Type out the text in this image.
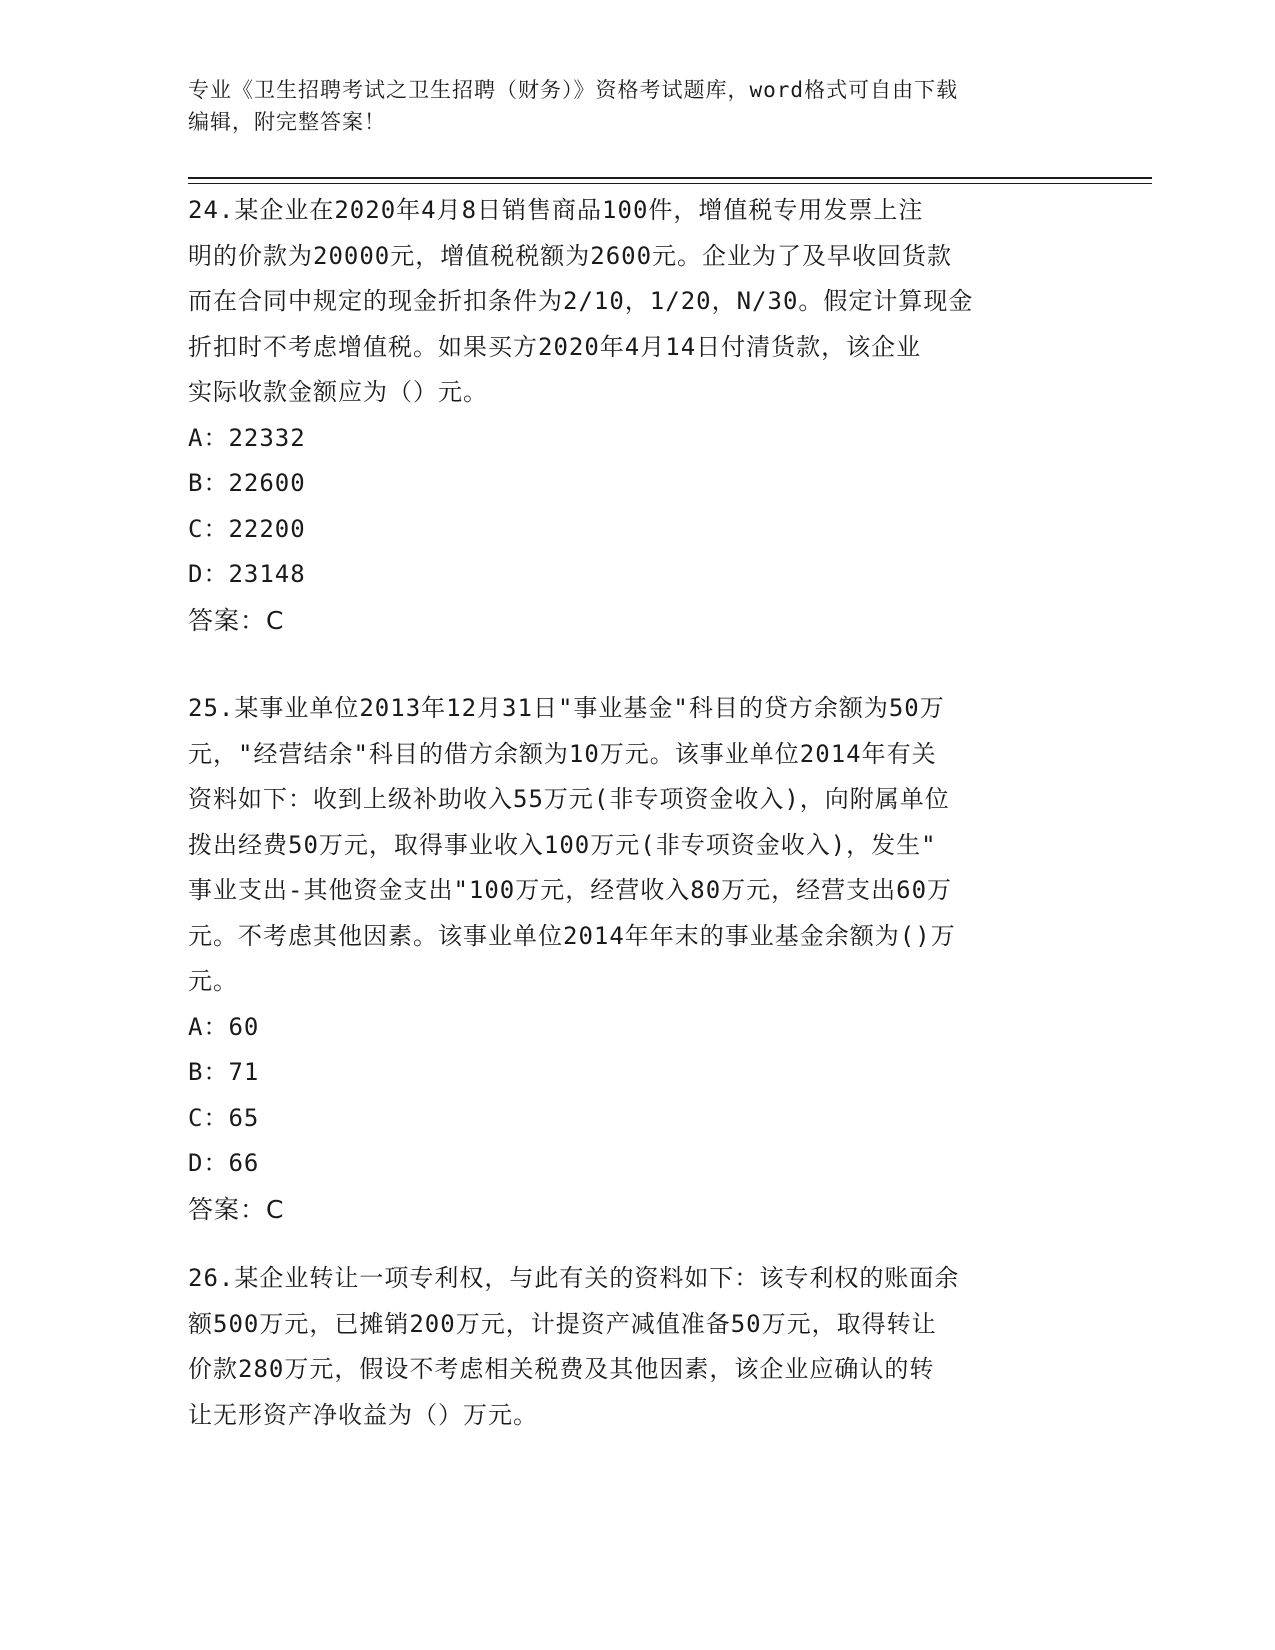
专业《卫生招聘考试之卫生招聘（财务）》资格考试题库，word格式可自由下载
编辑，附完整答案！
24.某企业在2020年4月8日销售商品100件，增值税专用发票上注
明的价款为20000元，增值税税额为2600元。企业为了及早收回货款
而在合同中规定的现金折扣条件为2/10，1/20，N/30。假定计算现金
折扣时不考虑增值税。如果买方2020年4月14日付清货款，该企业
实际收款金额应为（）元。
A：22332
B：22600
C：22200
D：23148
答案：C
25.某事业单位2013年12月31日"事业基金"科目的贷方余额为50万
元，"经营结余"科目的借方余额为10万元。该事业单位2014年有关
资料如下：收到上级补助收入55万元(非专项资金收入)，向附属单位
拨出经费50万元，取得事业收入100万元(非专项资金收入)，发生"
事业支出-其他资金支出"100万元，经营收入80万元，经营支出60万
元。不考虑其他因素。该事业单位2014年年末的事业基金余额为()万
元。
A：60
B：71
C：65
D：66
答案：C
26.某企业转让一项专利权，与此有关的资料如下：该专利权的账面余
额500万元，已摊销200万元，计提资产减值准备50万元，取得转让
价款280万元，假设不考虑相关税费及其他因素，该企业应确认的转
让无形资产净收益为（）万元。
